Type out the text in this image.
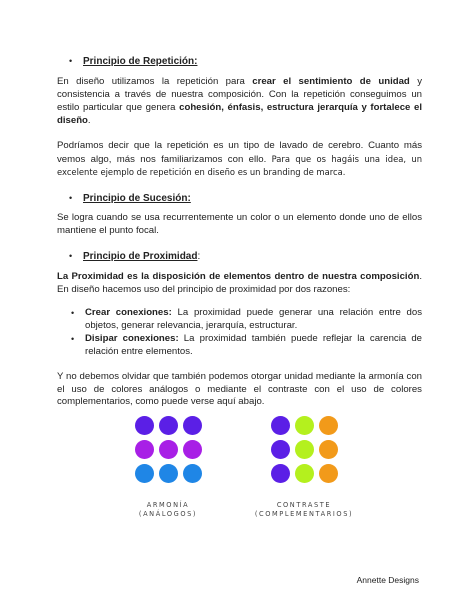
•	Principio de Repetición:

En diseño utilizamos la repetición para crear el sentimiento de unidad y consistencia a través de nuestra composición. Con la repetición conseguimos un estilo particular que genera cohesión, énfasis, estructura jerarquía y fortalece el diseño.

Podríamos decir que la repetición es un tipo de lavado de cerebro. Cuanto más vemos algo, más nos familiarizamos con ello. Para que os hagáis una idea, un excelente ejemplo de repetición en diseño es un branding de marca.

•	Principio de Sucesión:

Se logra cuando se usa recurrentemente un color o un elemento donde uno de ellos mantiene el punto focal.

•	Principio de Proximidad:

La Proximidad es la disposición de elementos dentro de nuestra composición. En diseño hacemos uso del principio de proximidad por dos razones:

• Crear conexiones: La proximidad puede generar una relación entre dos objetos, generar relevancia, jerarquía, estructurar.
• Disipar conexiones: La proximidad también puede reflejar la carencia de relación entre elementos.

Y no debemos olvidar que también podemos otorgar unidad mediante la armonía con el uso de colores análogos o mediante el contraste con el uso de colores complementarios, como puede verse aquí abajo.

ARMONÍA
(ANÁLOGOS)
CONTRASTE
(COMPLEMENTARIOS)
Annette Designs
